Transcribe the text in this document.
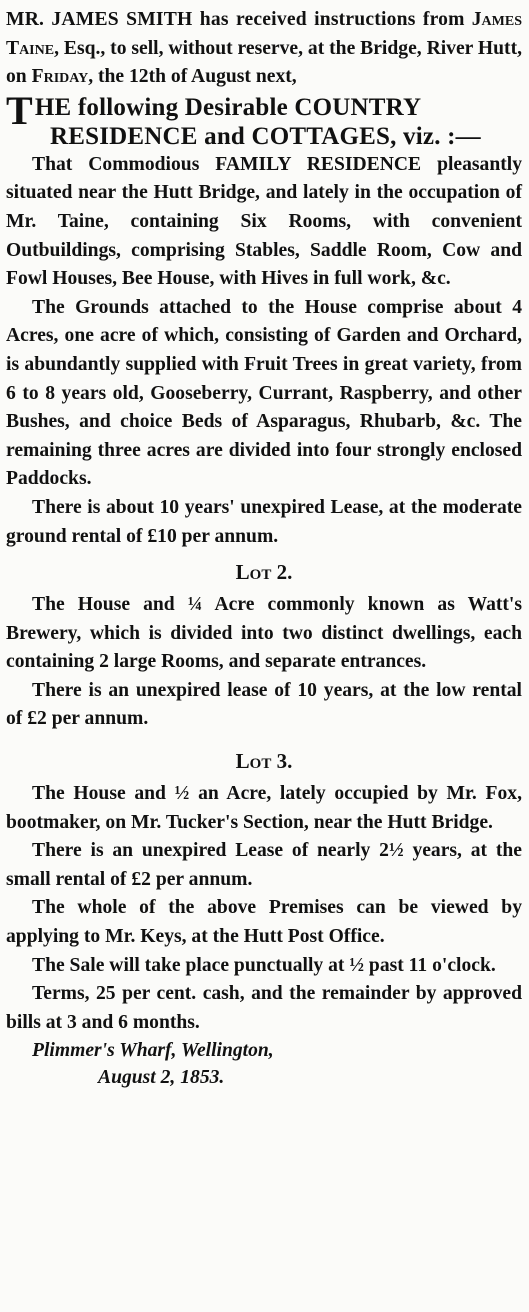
MR. JAMES SMITH has received instructions from James Taine, Esq., to sell, without reserve, at the Bridge, River Hutt, on Friday, the 12th of August next,

THE following Desirable COUNTRY
RESIDENCE and COTTAGES, viz. :—

That Commodious FAMILY RESIDENCE pleasantly situated near the Hutt Bridge, and lately in the occupation of Mr. Taine, containing Six Rooms, with convenient Outbuildings, comprising Stables, Saddle Room, Cow and Fowl Houses, Bee House, with Hives in full work, &c.

The Grounds attached to the House comprise about 4 Acres, one acre of which, consisting of Garden and Orchard, is abundantly supplied with Fruit Trees in great variety, from 6 to 8 years old, Gooseberry, Currant, Raspberry, and other Bushes, and choice Beds of Asparagus, Rhubarb, &c. The remaining three acres are divided into four strongly enclosed Paddocks.

There is about 10 years' unexpired Lease, at the moderate ground rental of £10 per annum.

Lot 2.

The House and ¼ Acre commonly known as Watt's Brewery, which is divided into two distinct dwellings, each containing 2 large Rooms, and separate entrances.

There is an unexpired lease of 10 years, at the low rental of £2 per annum.

Lot 3.

The House and ½ an Acre, lately occupied by Mr. Fox, bootmaker, on Mr. Tucker's Section, near the Hutt Bridge.

There is an unexpired Lease of nearly 2½ years, at the small rental of £2 per annum.

The whole of the above Premises can be viewed by applying to Mr. Keys, at the Hutt Post Office.

The Sale will take place punctually at ½ past 11 o'clock.

Terms, 25 per cent. cash, and the remainder by approved bills at 3 and 6 months.

Plimmer's Wharf, Wellington,
August 2, 1853.
